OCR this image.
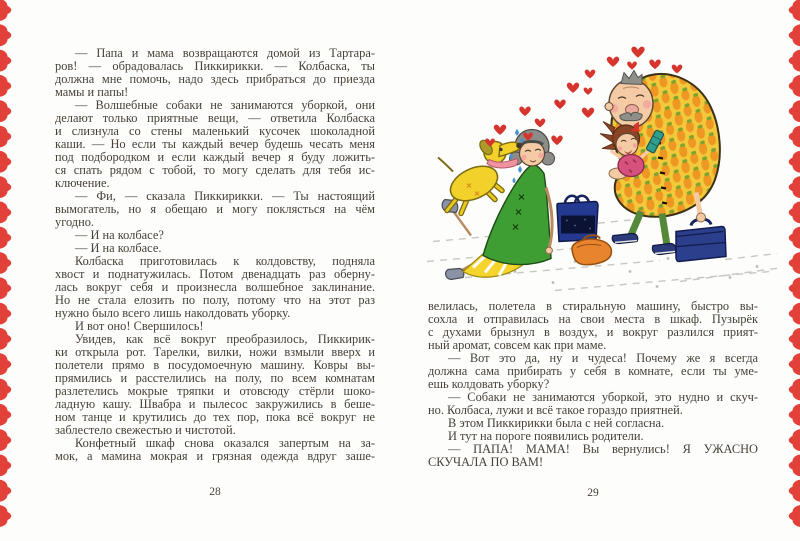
— Папа и мама возвращаются домой из Тартара-
ров! — обрадовалась Пиккирикки. — Колбаска, ты
должна мне помочь, надо здесь прибраться до приезда
мамы и папы!
— Волшебные собаки не занимаются уборкой, они
делают только приятные вещи, — ответила Колбаска
и слизнула со стены маленький кусочек шоколадной
каши. — Но если ты каждый вечер будешь чесать меня
под подбородком и если каждый вечер я буду ложить-
ся спать рядом с тобой, то могу сделать для тебя ис-
ключение.
— Фи, — сказала Пиккирикки. — Ты настоящий
вымогатель, но я обещаю и могу поклясться на чём
угодно.
— И на колбасе?
— И на колбасе.
Колбаска приготовилась к колдовству, подняла
хвост и поднатужилась. Потом двенадцать раз оберну-
лась вокруг себя и произнесла волшебное заклинание.
Но не стала елозить по полу, потому что на этот раз
нужно было всего лишь наколдовать уборку.
И вот оно! Свершилось!
Увидев, как всё вокруг преобразилось, Пиккирик-
ки открыла рот. Тарелки, вилки, ножи взмыли вверх и
полетели прямо в посудомоечную машину. Ковры вы-
прямились и расстелились на полу, по всем комнатам
разлетелись мокрые тряпки и отовсюду стёрли шоко-
ладную кашу. Швабра и пылесос закружились в беше-
ном танце и крутились до тех пор, пока всё вокруг не
заблестело свежестью и чистотой.
Конфетный шкаф снова оказался запертым на за-
мок, а мамина мокрая и грязная одежда вдруг заше-
28
велилась, полетела в стиральную машину, быстро вы-
сохла и отправилась на свои места в шкаф. Пузырёк
с духами брызнул в воздух, и вокруг разлился прият-
ный аромат, совсем как при маме.
— Вот это да, ну и чудеса! Почему же я всегда
должна сама прибирать у себя в комнате, если ты уме-
ешь колдовать уборку?
— Собаки не занимаются уборкой, это нудно и скуч-
но. Колбаса, лужи и всё такое гораздо приятней.
В этом Пиккирикки была с ней согласна.
И тут на пороге появились родители.
— ПАПА! МАМА! Вы вернулись! Я УЖАСНО
СКУЧАЛА ПО ВАМ!
29
